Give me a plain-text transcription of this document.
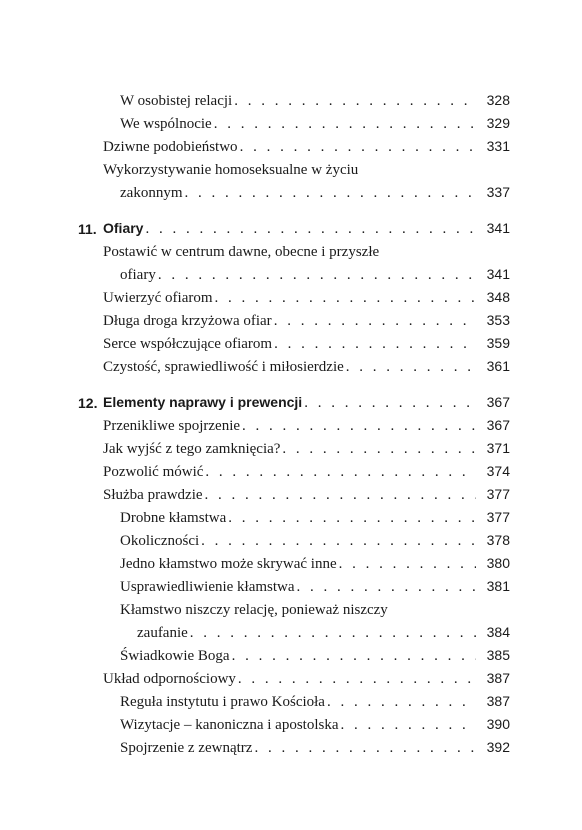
W osobistej relacji . . .	328
We wspólnocie . . .	329
Dziwne podobieństwo . . .	331
Wykorzystywanie homoseksualne w życiu
zakonnym . . .	337
11. Ofiary . . .	341
Postawić w centrum dawne, obecne i przyszłe
ofiary . . .	341
Uwierzyć ofiarom . . .	348
Długa droga krzyżowa ofiar . . .	353
Serce współczujące ofiarom . . .	359
Czystość, sprawiedliwość i miłosierdzie . . .	361
12. Elementy naprawy i prewencji . . .	367
Przenikliwe spojrzenie . . .	367
Jak wyjść z tego zamknięcia? . . .	371
Pozwolić mówić . . .	374
Służba prawdzie . . .	377
Drobne kłamstwa . . .	377
Okoliczności . . .	378
Jedno kłamstwo może skrywać inne . . .	380
Usprawiedliwienie kłamstwa . . .	381
Kłamstwo niszczy relację, ponieważ niszczy
zaufanie . . .	384
Świadkowie Boga . . .	385
Układ odpornościowy . . .	387
Reguła instytutu i prawo Kościoła . . .	387
Wizytacje – kanoniczna i apostolska . . .	390
Spojrzenie z zewnątrz . . .	392
